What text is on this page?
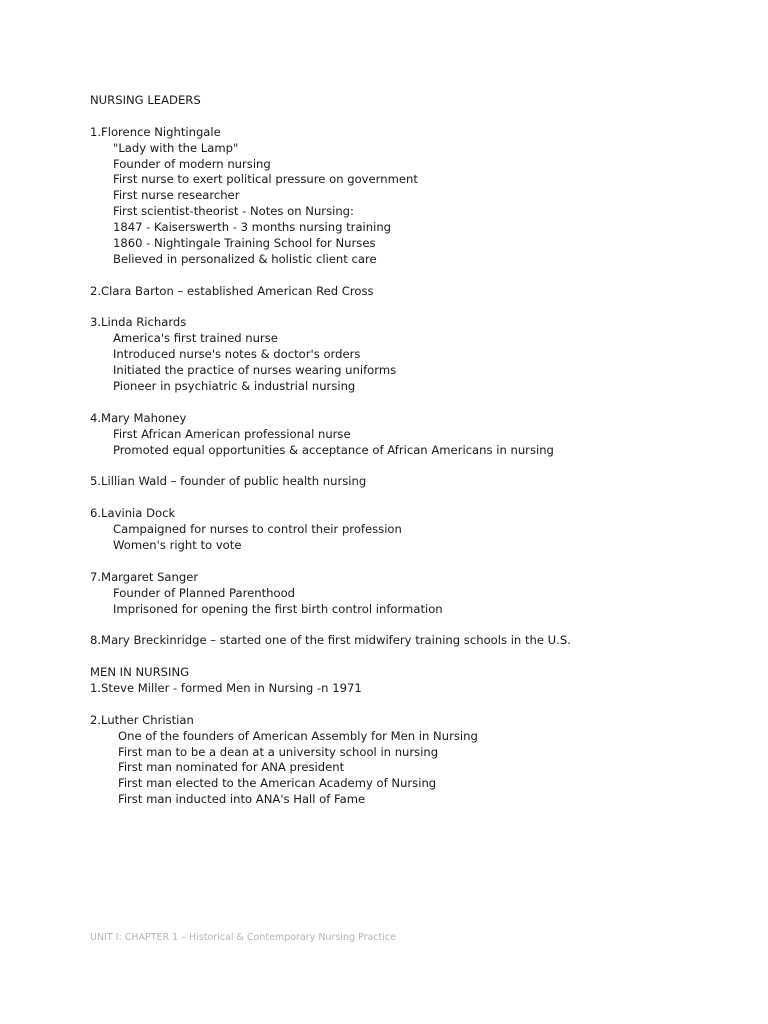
NURSING LEADERS
1.Florence Nightingale
"Lady with the Lamp"
Founder of modern nursing
First nurse to exert political pressure on government
First nurse researcher
First scientist-theorist - Notes on Nursing:
1847 - Kaiserswerth - 3 months nursing training
1860 - Nightingale Training School for Nurses
Believed in personalized & holistic client care
2.Clara Barton – established American Red Cross
3.Linda Richards
America's first trained nurse
Introduced nurse's notes & doctor's orders
Initiated the practice of nurses wearing uniforms
Pioneer in psychiatric & industrial nursing
4.Mary Mahoney
First African American professional nurse
Promoted equal opportunities & acceptance of African Americans in nursing
5.Lillian Wald – founder of public health nursing
6.Lavinia Dock
Campaigned for nurses to control their profession
Women's right to vote
7.Margaret Sanger
Founder of Planned Parenthood
Imprisoned for opening the first birth control information
8.Mary Breckinridge – started one of the first midwifery training schools in the U.S.
MEN IN NURSING
1.Steve Miller - formed Men in Nursing -n 1971
2.Luther Christian
One of the founders of American Assembly for Men in Nursing
First man to be a dean at a university school in nursing
First man nominated for ANA president
First man elected to the American Academy of Nursing
First man inducted into ANA's Hall of Fame
UNIT I: CHAPTER 1 – Historical & Contemporary Nursing Practice
